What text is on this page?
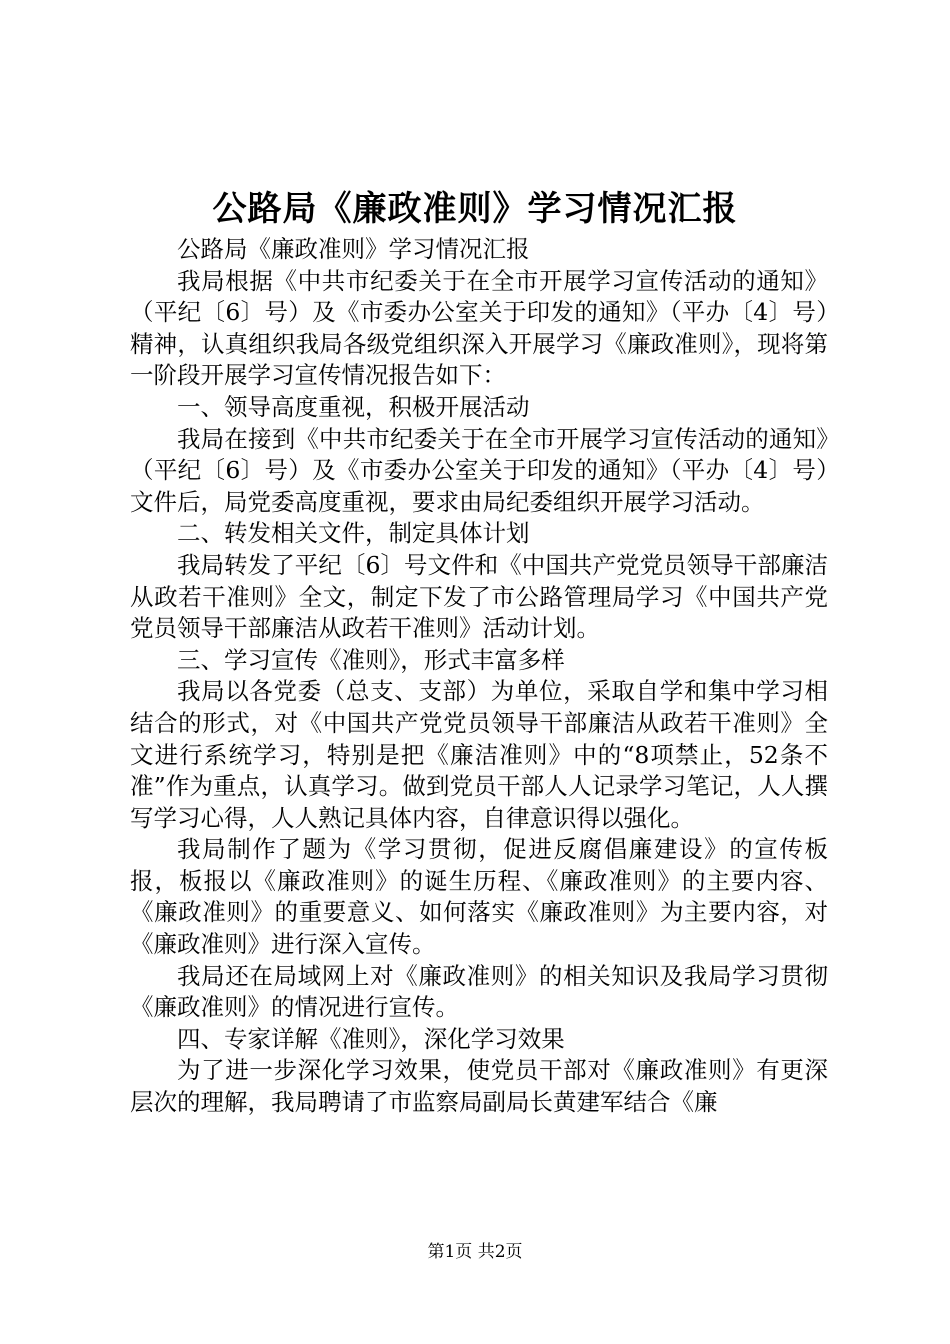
公路局《廉政准则》学习情况汇报

公路局《廉政准则》学习情况汇报

我局根据《中共市纪委关于在全市开展学习宣传活动的通知》（平纪〔6〕号）及《市委办公室关于印发的通知》（平办〔4〕号）精神，认真组织我局各级党组织深入开展学习《廉政准则》，现将第一阶段开展学习宣传情况报告如下：

一、领导高度重视，积极开展活动

我局在接到《中共市纪委关于在全市开展学习宣传活动的通知》（平纪〔6〕号）及《市委办公室关于印发的通知》（平办〔4〕号）文件后，局党委高度重视，要求由局纪委组织开展学习活动。

二、转发相关文件，制定具体计划

我局转发了平纪〔6〕号文件和《中国共产党党员领导干部廉洁从政若干准则》全文，制定下发了市公路管理局学习《中国共产党党员领导干部廉洁从政若干准则》活动计划。

三、学习宣传《准则》，形式丰富多样

我局以各党委（总支、支部）为单位，采取自学和集中学习相结合的形式，对《中国共产党党员领导干部廉洁从政若干准则》全文进行系统学习，特别是把《廉洁准则》中的“8项禁止，52条不准”作为重点，认真学习。做到党员干部人人记录学习笔记，人人撰写学习心得，人人熟记具体内容，自律意识得以强化。

我局制作了题为《学习贯彻，促进反腐倡廉建设》的宣传板报，板报以《廉政准则》的诞生历程、《廉政准则》的主要内容、《廉政准则》的重要意义、如何落实《廉政准则》为主要内容，对《廉政准则》进行深入宣传。

我局还在局域网上对《廉政准则》的相关知识及我局学习贯彻《廉政准则》的情况进行宣传。

四、专家详解《准则》，深化学习效果

为了进一步深化学习效果，使党员干部对《廉政准则》有更深层次的理解，我局聘请了市监察局副局长黄建军结合《廉

第1页 共2页
